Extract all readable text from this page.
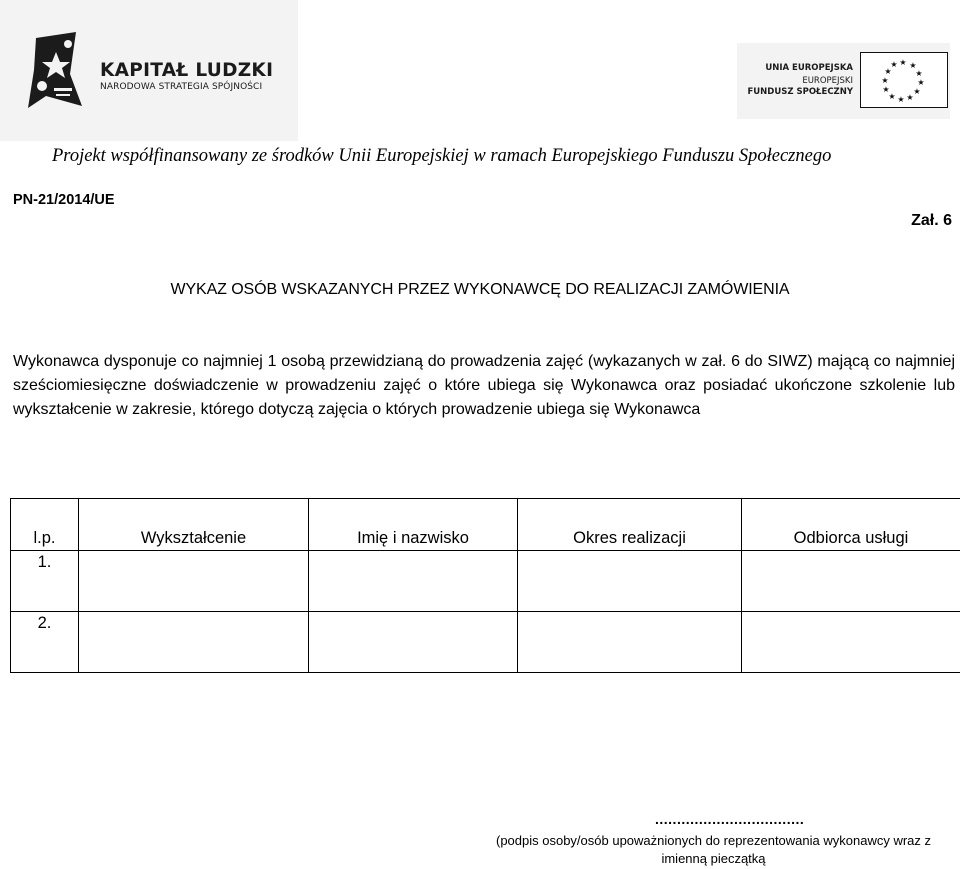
KAPITAŁ LUDZKI
NARODOWA STRATEGIA SPÓJNOŚCI
UNIA EUROPEJSKA
EUROPEJSKI
FUNDUSZ SPOŁECZNY
★ ★
★
★
★
★
★
★
★
★
★
★
Projekt współfinansowany ze środków Unii Europejskiej w ramach Europejskiego Funduszu Społecznego
PN-21/2014/UE
Zał. 6
WYKAZ OSÓB WSKAZANYCH PRZEZ WYKONAWCĘ DO REALIZACJI ZAMÓWIENIA
Wykonawca dysponuje co najmniej 1 osobą przewidzianą do prowadzenia zajęć (wykazanych w zał. 6 do SIWZ) mającą co najmniej sześciomiesięczne doświadczenie w prowadzeniu zajęć o które ubiega się Wykonawca oraz posiadać ukończone szkolenie lub wykształcenie w zakresie, którego dotyczą zajęcia o których prowadzenie ubiega się Wykonawca
l.p.	Wykształcenie	Imię i nazwisko	Okres realizacji	Odbiorca usługi
1.				
2.				
..................................
(podpis osoby/osób upoważnionych do reprezentowania wykonawcy wraz z imienną pieczątką
